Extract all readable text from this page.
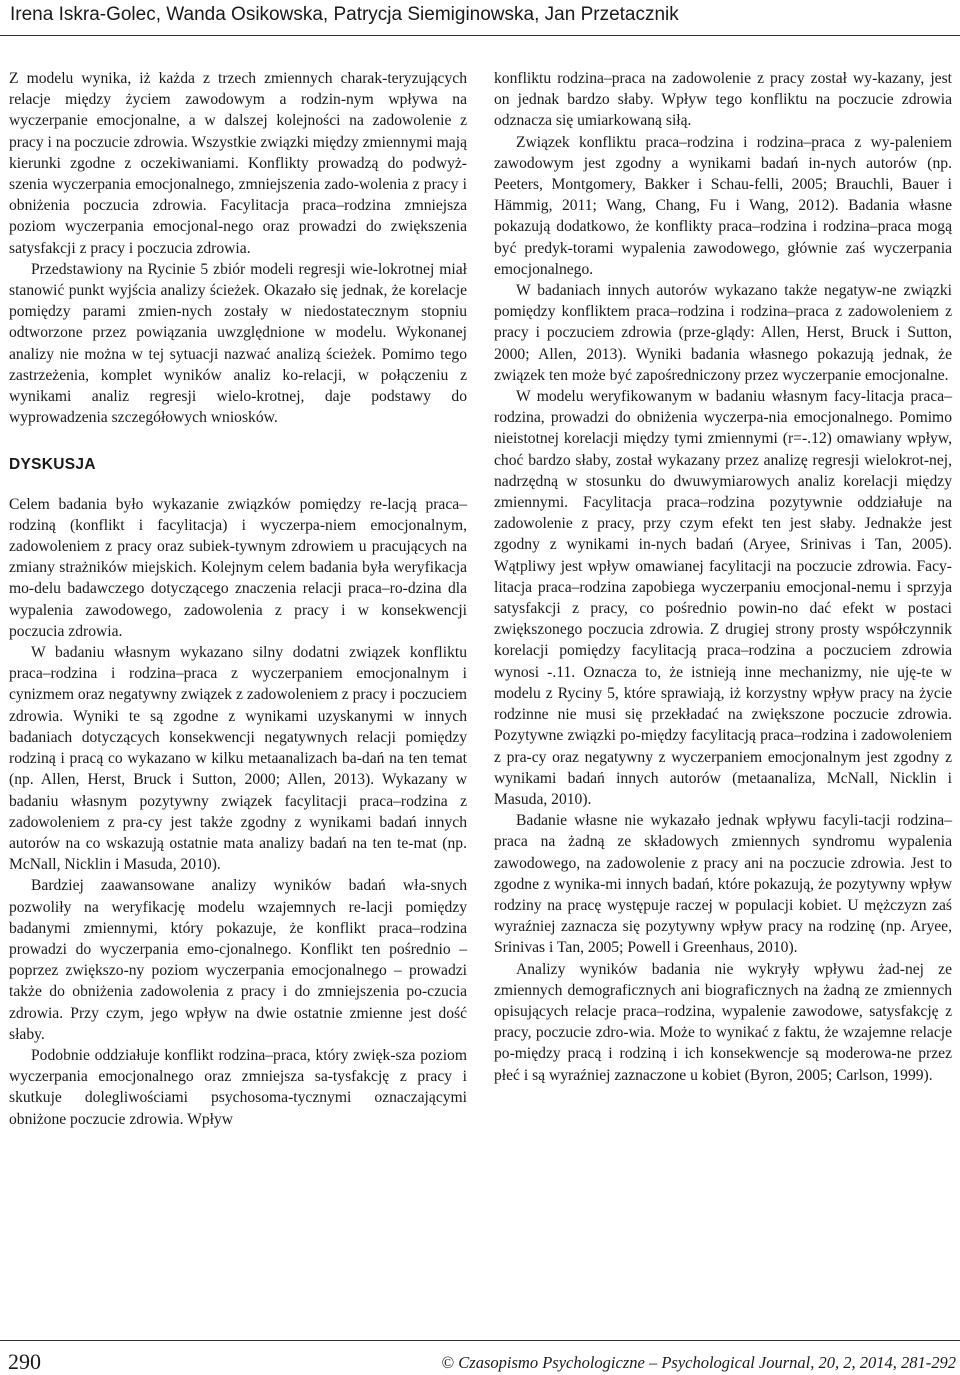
Irena Iskra-Golec, Wanda Osikowska, Patrycja Siemiginowska, Jan Przetacznik

Z modelu wynika, iż każda z trzech zmiennych charak-teryzujących relacje między życiem zawodowym a rodzin-nym wpływa na wyczerpanie emocjonalne, a w dalszej kolejności na zadowolenie z pracy i na poczucie zdrowia. Wszystkie związki między zmiennymi mają kierunki zgodne z oczekiwaniami. Konflikty prowadzą do podwyż-szenia wyczerpania emocjonalnego, zmniejszenia zado-wolenia z pracy i obniżenia poczucia zdrowia. Facylitacja praca–rodzina zmniejsza poziom wyczerpania emocjonal-nego oraz prowadzi do zwiększenia satysfakcji z pracy i poczucia zdrowia.

Przedstawiony na Rycinie 5 zbiór modeli regresji wie-lokrotnej miał stanowić punkt wyjścia analizy ścieżek. Okazało się jednak, że korelacje pomiędzy parami zmien-nych zostały w niedostatecznym stopniu odtworzone przez powiązania uwzględnione w modelu. Wykonanej analizy nie można w tej sytuacji nazwać analizą ścieżek. Pomimo tego zastrzeżenia, komplet wyników analiz ko-relacji, w połączeniu z wynikami analiz regresji wielo-krotnej, daje podstawy do wyprowadzenia szczegółowych wniosków.

DYSKUSJA

Celem badania było wykazanie związków pomiędzy re-lacją praca–rodziną (konflikt i facylitacja) i wyczerpa-niem emocjonalnym, zadowoleniem z pracy oraz subiek-tywnym zdrowiem u pracujących na zmiany strażników miejskich. Kolejnym celem badania była weryfikacja mo-delu badawczego dotyczącego znaczenia relacji praca–ro-dzina dla wypalenia zawodowego, zadowolenia z pracy i w konsekwencji poczucia zdrowia.

W badaniu własnym wykazano silny dodatni związek konfliktu praca–rodzina i rodzina–praca z wyczerpaniem emocjonalnym i cynizmem oraz negatywny związek z zadowoleniem z pracy i poczuciem zdrowia. Wyniki te są zgodne z wynikami uzyskanymi w innych badaniach dotyczących konsekwencji negatywnych relacji pomiędzy rodziną i pracą co wykazano w kilku metaanalizach ba-dań na ten temat (np. Allen, Herst, Bruck i Sutton, 2000; Allen, 2013). Wykazany w badaniu własnym pozytywny związek facylitacji praca–rodzina z zadowoleniem z pra-cy jest także zgodny z wynikami badań innych autorów na co wskazują ostatnie mata analizy badań na ten te-mat (np. McNall, Nicklin i Masuda, 2010).

Bardziej zaawansowane analizy wyników badań wła-snych pozwoliły na weryfikację modelu wzajemnych re-lacji pomiędzy badanymi zmiennymi, który pokazuje, że konflikt praca–rodzina prowadzi do wyczerpania emo-cjonalnego. Konflikt ten pośrednio – poprzez zwiększo-ny poziom wyczerpania emocjonalnego – prowadzi także do obniżenia zadowolenia z pracy i do zmniejszenia po-czucia zdrowia. Przy czym, jego wpływ na dwie ostatnie zmienne jest dość słaby.

Podobnie oddziałuje konflikt rodzina–praca, który zwięk-sza poziom wyczerpania emocjonalnego oraz zmniejsza sa-tysfakcję z pracy i skutkuje dolegliwościami psychosoma-tycznymi oznaczającymi obniżone poczucie zdrowia. Wpływ

konfliktu rodzina–praca na zadowolenie z pracy został wy-kazany, jest on jednak bardzo słaby. Wpływ tego konfliktu na poczucie zdrowia odznacza się umiarkowaną siłą.

Związek konfliktu praca–rodzina i rodzina–praca z wy-paleniem zawodowym jest zgodny a wynikami badań in-nych autorów (np. Peeters, Montgomery, Bakker i Schau-felli, 2005; Brauchli, Bauer i Hämmig, 2011; Wang, Chang, Fu i Wang, 2012). Badania własne pokazują dodatkowo, że konflikty praca–rodzina i rodzina–praca mogą być predyk-torami wypalenia zawodowego, głównie zaś wyczerpania emocjonalnego.

W badaniach innych autorów wykazano także negatyw-ne związki pomiędzy konfliktem praca–rodzina i rodzina–praca z zadowoleniem z pracy i poczuciem zdrowia (prze-glądy: Allen, Herst, Bruck i Sutton, 2000; Allen, 2013). Wyniki badania własnego pokazują jednak, że związek ten może być zapośredniczony przez wyczerpanie emocjonalne.

W modelu weryfikowanym w badaniu własnym facy-litacja praca–rodzina, prowadzi do obniżenia wyczerpa-nia emocjonalnego. Pomimo nieistotnej korelacji między tymi zmiennymi (r=-.12) omawiany wpływ, choć bardzo słaby, został wykazany przez analizę regresji wielokrot-nej, nadrzędną w stosunku do dwuwymiarowych analiz korelacji między zmiennymi. Facylitacja praca–rodzina pozytywnie oddziałuje na zadowolenie z pracy, przy czym efekt ten jest słaby. Jednakże jest zgodny z wynikami in-nych badań (Aryee, Srinivas i Tan, 2005). Wątpliwy jest wpływ omawianej facylitacji na poczucie zdrowia. Facy-litacja praca–rodzina zapobiega wyczerpaniu emocjonal-nemu i sprzyja satysfakcji z pracy, co pośrednio powin-no dać efekt w postaci zwiększonego poczucia zdrowia. Z drugiej strony prosty współczynnik korelacji pomiędzy facylitacją praca–rodzina a poczuciem zdrowia wynosi -.11. Oznacza to, że istnieją inne mechanizmy, nie uję-te w modelu z Ryciny 5, które sprawiają, iż korzystny wpływ pracy na życie rodzinne nie musi się przekładać na zwiększone poczucie zdrowia. Pozytywne związki po-między facylitacją praca–rodzina i zadowoleniem z pra-cy oraz negatywny z wyczerpaniem emocjonalnym jest zgodny z wynikami badań innych autorów (metaanaliza, McNall, Nicklin i Masuda, 2010).

Badanie własne nie wykazało jednak wpływu facyli-tacji rodzina–praca na żadną ze składowych zmiennych syndromu wypalenia zawodowego, na zadowolenie z pracy ani na poczucie zdrowia. Jest to zgodne z wynika-mi innych badań, które pokazują, że pozytywny wpływ rodziny na pracę występuje raczej w populacji kobiet. U mężczyzn zaś wyraźniej zaznacza się pozytywny wpływ pracy na rodzinę (np. Aryee, Srinivas i Tan, 2005; Powell i Greenhaus, 2010).

Analizy wyników badania nie wykryły wpływu żad-nej ze zmiennych demograficznych ani biograficznych na żadną ze zmiennych opisujących relacje praca–rodzina, wypalenie zawodowe, satysfakcję z pracy, poczucie zdro-wia. Może to wynikać z faktu, że wzajemne relacje po-między pracą i rodziną i ich konsekwencje są moderowa-ne przez płeć i są wyraźniej zaznaczone u kobiet (Byron, 2005; Carlson, 1999).

290	© Czasopismo Psychologiczne – Psychological Journal, 20, 2, 2014, 281-292
